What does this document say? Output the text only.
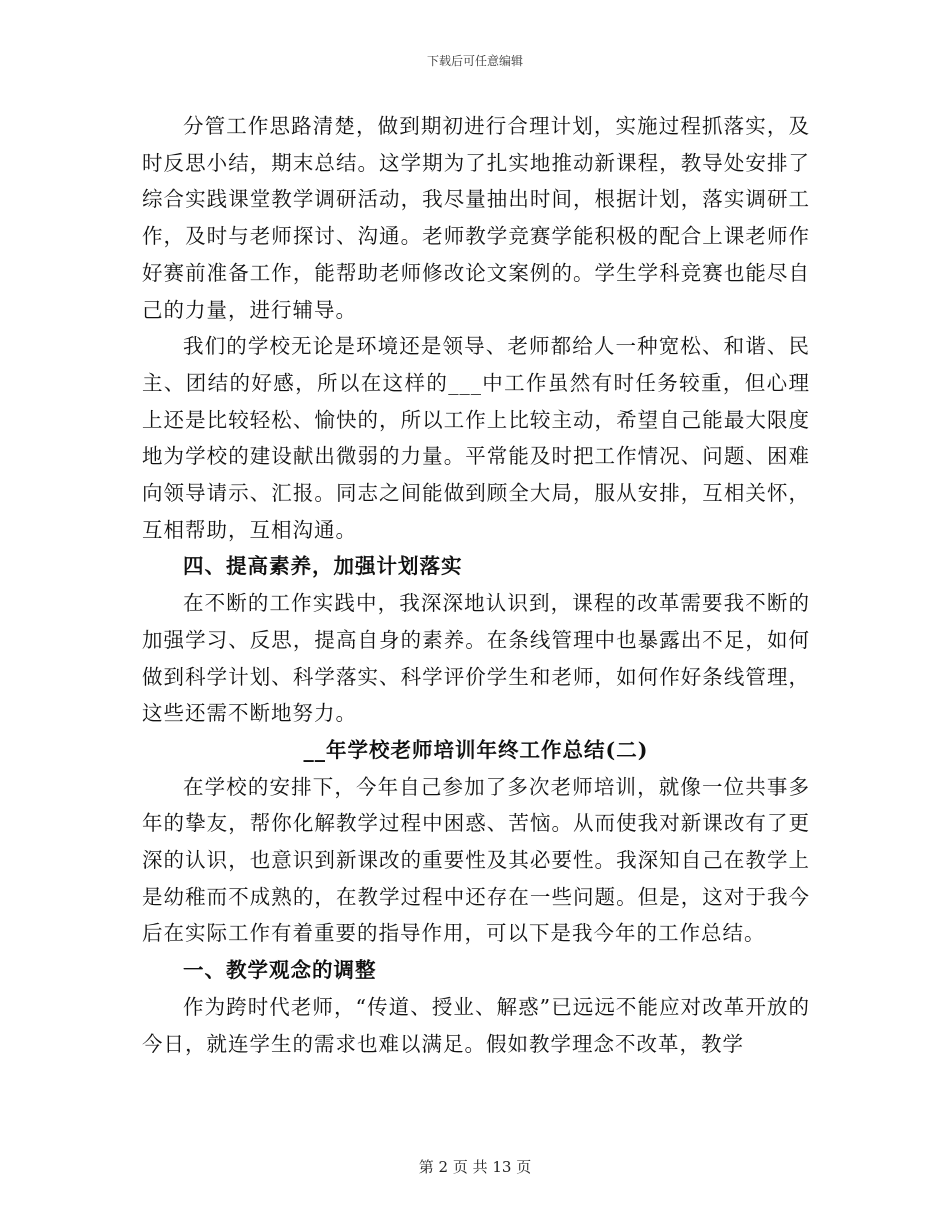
下载后可任意编辑

分管工作思路清楚，做到期初进行合理计划，实施过程抓落实，及时反思小结，期末总结。这学期为了扎实地推动新课程，教导处安排了综合实践课堂教学调研活动，我尽量抽出时间，根据计划，落实调研工作，及时与老师探讨、沟通。老师教学竞赛学能积极的配合上课老师作好赛前准备工作，能帮助老师修改论文案例的。学生学科竞赛也能尽自己的力量，进行辅导。

我们的学校无论是环境还是领导、老师都给人一种宽松、和谐、民主、团结的好感，所以在这样的___中工作虽然有时任务较重，但心理上还是比较轻松、愉快的，所以工作上比较主动，希望自己能最大限度地为学校的建设献出微弱的力量。平常能及时把工作情况、问题、困难向领导请示、汇报。同志之间能做到顾全大局，服从安排，互相关怀，互相帮助，互相沟通。

四、提高素养，加强计划落实

在不断的工作实践中，我深深地认识到，课程的改革需要我不断的加强学习、反思，提高自身的素养。在条线管理中也暴露出不足，如何做到科学计划、科学落实、科学评价学生和老师，如何作好条线管理，这些还需不断地努力。

__年学校老师培训年终工作总结(二)

在学校的安排下，今年自己参加了多次老师培训，就像一位共事多年的挚友，帮你化解教学过程中困惑、苦恼。从而使我对新课改有了更深的认识，也意识到新课改的重要性及其必要性。我深知自己在教学上是幼稚而不成熟的，在教学过程中还存在一些问题。但是，这对于我今后在实际工作有着重要的指导作用，可以下是我今年的工作总结。

一、教学观念的调整

作为跨时代老师，“传道、授业、解惑”已远远不能应对改革开放的今日，就连学生的需求也难以满足。假如教学理念不改革，教学

第 2 页 共 13 页
